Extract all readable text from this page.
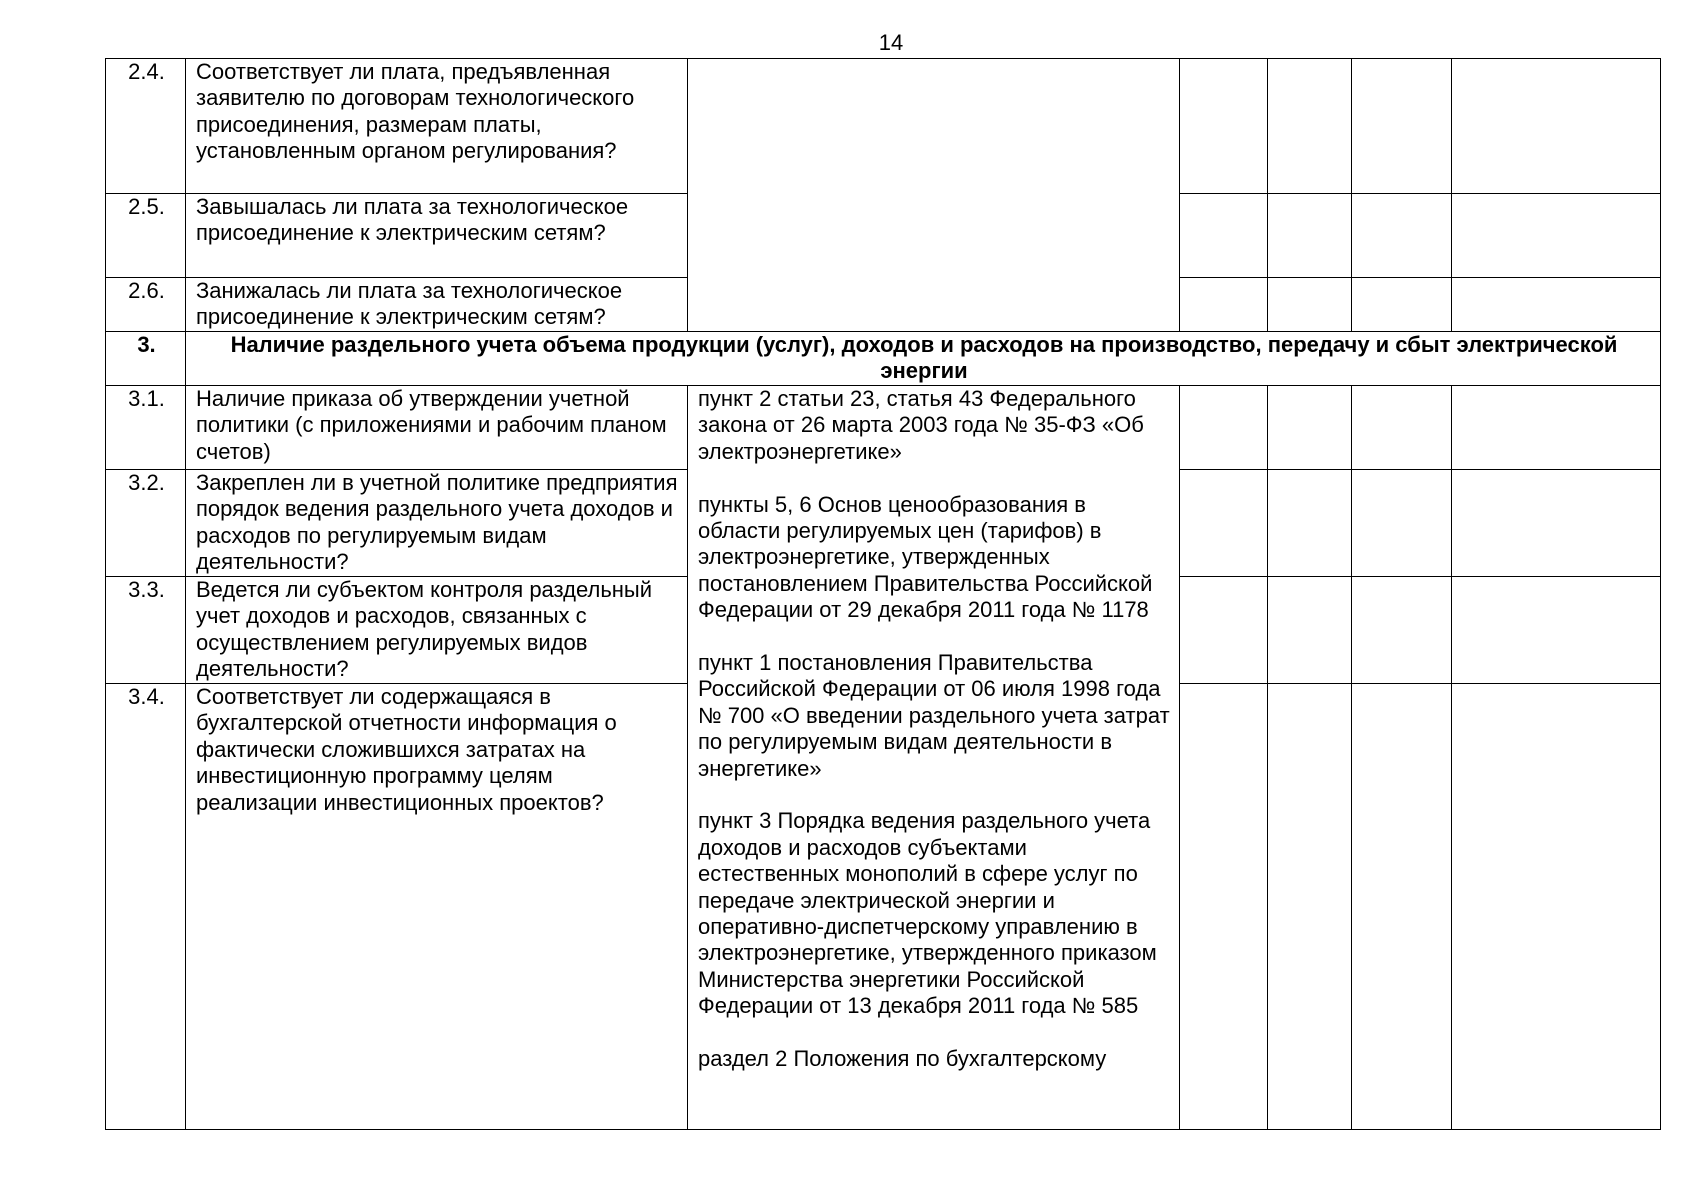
14
2.4.	Соответствует ли плата, предъявленная заявителю по договорам технологического присоединения, размерам платы, установленным органом регулирования?					
2.5.	Завышалась ли плата за технологическое присоединение к электрическим сетям?					
2.6.	Занижалась ли плата за технологическое присоединение к электрическим сетям?					
3.	Наличие раздельного учета объема продукции (услуг), доходов и расходов на производство, передачу и сбыт электрической энергии					
3.1.	Наличие приказа об утверждении учетной политики (с приложениями и рабочим планом счетов)	пункт 2 статьи 23, статья 43 Федерального закона от 26 марта 2003 года № 35-ФЗ «Об электроэнергетике»
пункты 5, 6 Основ ценообразования в области регулируемых цен (тарифов) в электроэнергетике, утвержденных постановлением Правительства Российской Федерации от 29 декабря 2011 года № 1178
пункт 1 постановления Правительства Российской Федерации от 06 июля 1998 года № 700 «О введении раздельного учета затрат по регулируемым видам деятельности в энергетике»
пункт 3 Порядка ведения раздельного учета доходов и расходов субъектами естественных монополий в сфере услуг по передаче электрической энергии и оперативно-диспетчерскому управлению в электроэнергетике, утвержденного приказом Министерства энергетики Российской Федерации от 13 декабря 2011 года № 585
раздел 2 Положения по бухгалтерскому				

3.2.	Закреплен ли в учетной политике предприятия порядок ведения раздельного учета доходов и расходов по регулируемым видам деятельности?					
3.3.	Ведется ли субъектом контроля раздельный учет доходов и расходов, связанных с осуществлением регулируемых видов деятельности?					
3.4.	Соответствует ли содержащаяся в бухгалтерской отчетности информация о фактически сложившихся затратах на инвестиционную программу целям реализации инвестиционных проектов?					
